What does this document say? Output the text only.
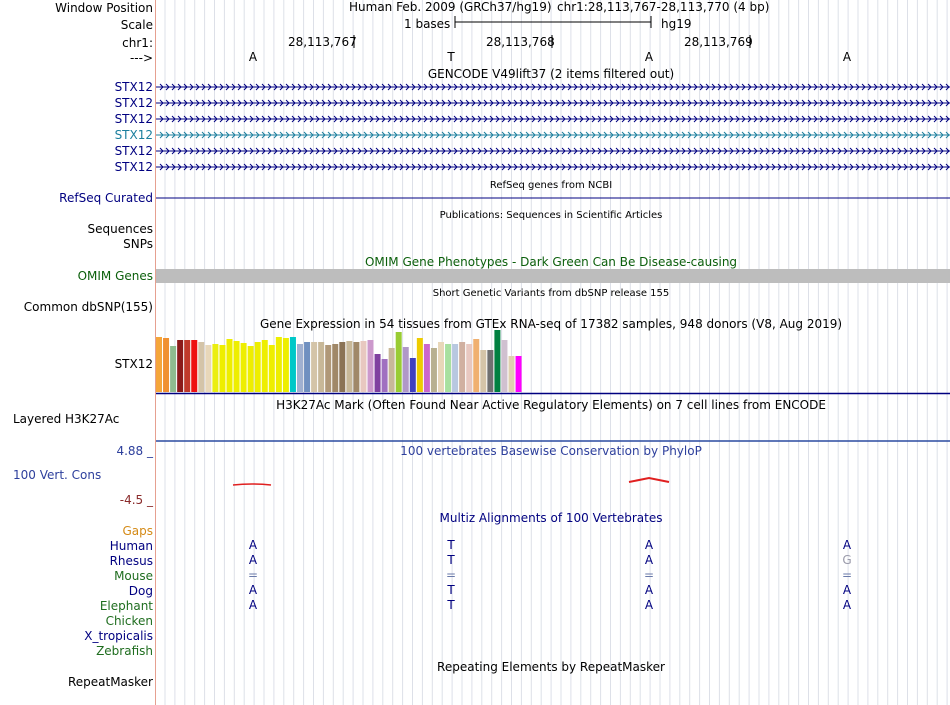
Window Position	Human Feb. 2009 (GRCh37/hg19) chr1:28,113,767-28,113,770 (4 bp)
Scale	1 bases	hg19
chr1:	28,113,767	28,113,768	28,113,769
--->	A	T	A	A
GENCODE V49lift37 (2 items filtered out)
STX12
STX12
STX12
STX12
STX12
STX12
RefSeq genes from NCBI
RefSeq Curated
Publications: Sequences in Scientific Articles
Sequences
SNPs
OMIM Gene Phenotypes - Dark Green Can Be Disease-causing
OMIM Genes
Short Genetic Variants from dbSNP release 155
Common dbSNP(155)
Gene Expression in 54 tissues from GTEx RNA-seq of 17382 samples, 948 donors (V8, Aug 2019)
STX12
H3K27Ac Mark (Often Found Near Active Regulatory Elements) on 7 cell lines from ENCODE
Layered H3K27Ac
100 vertebrates Basewise Conservation by PhyloP
4.88 _
100 Vert. Cons
-4.5 _
Multiz Alignments of 100 Vertebrates
Gaps
Human	A	T	A	A
Rhesus	A	T	A	G
Mouse	=	=	=	=
Dog	A	T	A	A
Elephant	A	T	A	A
Chicken
X_tropicalis
Zebrafish
Repeating Elements by RepeatMasker
RepeatMasker
